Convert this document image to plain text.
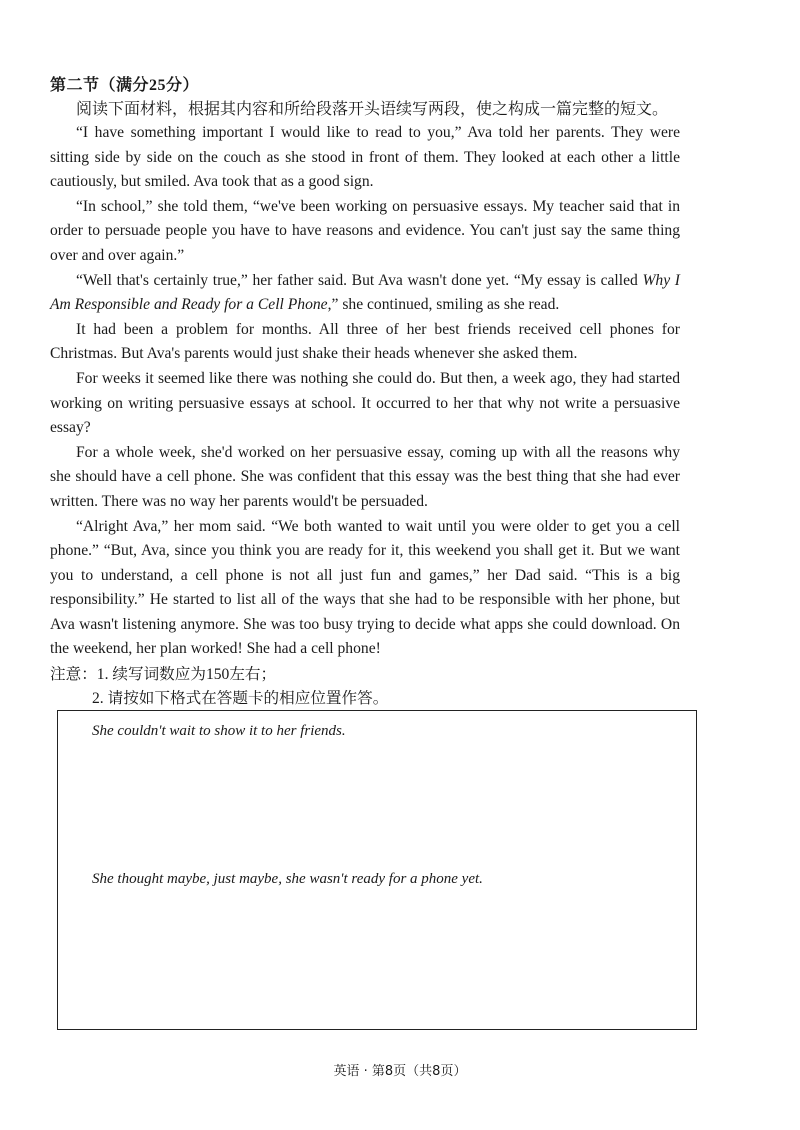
第二节（满分25分）
阅读下面材料，根据其内容和所给段落开头语续写两段，使之构成一篇完整的短文。

“I have something important I would like to read to you,” Ava told her parents. They were sitting side by side on the couch as she stood in front of them. They looked at each other a little cautiously, but smiled. Ava took that as a good sign.

“In school,” she told them, “we've been working on persuasive essays. My teacher said that in order to persuade people you have to have reasons and evidence. You can't just say the same thing over and over again.”

“Well that's certainly true,” her father said. But Ava wasn't done yet. “My essay is called Why I Am Responsible and Ready for a Cell Phone,” she continued, smiling as she read.

It had been a problem for months. All three of her best friends received cell phones for Christmas. But Ava's parents would just shake their heads whenever she asked them.

For weeks it seemed like there was nothing she could do. But then, a week ago, they had started working on writing persuasive essays at school. It occurred to her that why not write a persuasive essay?

For a whole week, she'd worked on her persuasive essay, coming up with all the reasons why she should have a cell phone. She was confident that this essay was the best thing that she had ever written. There was no way her parents would't be persuaded.

“Alright Ava,” her mom said. “We both wanted to wait until you were older to get you a cell phone.” “But, Ava, since you think you are ready for it, this weekend you shall get it. But we want you to understand, a cell phone is not all just fun and games,” her Dad said. “This is a big responsibility.” He started to list all of the ways that she had to be responsible with her phone, but Ava wasn't listening anymore. She was too busy trying to decide what apps she could download. On the weekend, her plan worked! She had a cell phone!

注意：1. 续写词数应为150左右；
2. 请按如下格式在答题卡的相应位置作答。
She couldn't wait to show it to her friends.
She thought maybe, just maybe, she wasn't ready for a phone yet.
英语 · 第8页（共8页）
